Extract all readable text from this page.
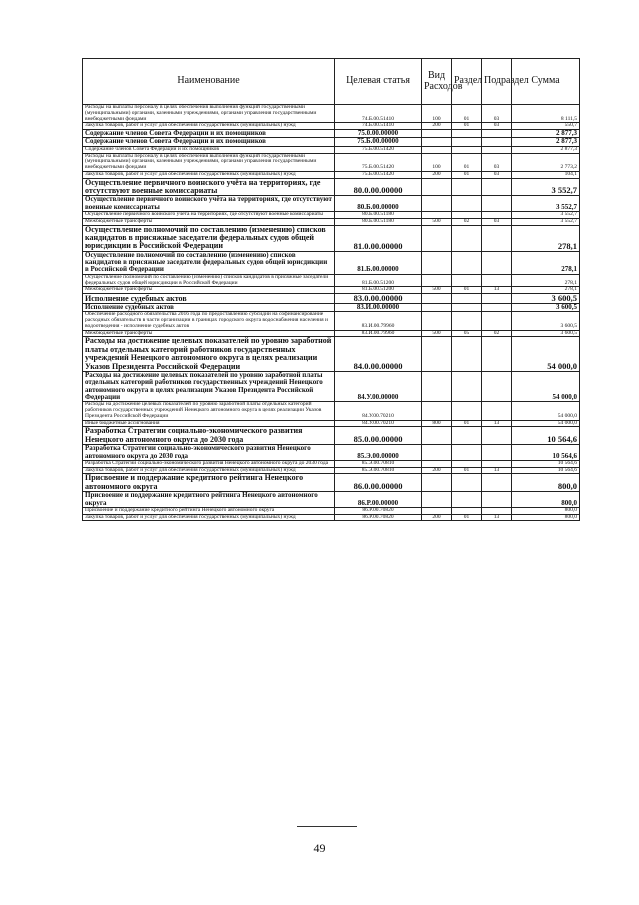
Наименование	Целевая статья	Вид Расходов	Раздел	Подраздел	Сумма
Расходы на выплаты персоналу в целях обеспечения выполнения функций государственными (муниципальными) органами, казенными учреждениями, органами управления государственными внебюджетными фондами	74.Б.00.51410	100	01	03	8 111,5
Закупка товаров, работ и услуг для обеспечения государственных (муниципальных) нужд	74.Б.00.51410	200	01	03	550,7
Содержание членов Совета Федерации и их помощников	75.0.00.00000				2 877,3
Содержание членов Совета Федерации и их помощников	75.Б.00.00000				2 877,3
Содержание членов Совета Федерации и их помощников	75.Б.00.51420				2 877,3
Расходы на выплаты персоналу в целях обеспечения выполнения функций государственными (муниципальными) органами, казенными учреждениями, органами управления государственными внебюджетными фондами	75.Б.00.51420	100	01	03	2 773,2
Закупка товаров, работ и услуг для обеспечения государственных (муниципальных) нужд	75.Б.00.51420	200	01	03	104,1
Осуществление первичного воинского учёта на территориях, где отсутствуют военные комиссариаты	80.0.00.00000				3 552,7
Осуществление первичного воинского учёта на территориях, где отсутствуют военные комиссариаты	80.Б.00.00000				3 552,7
Осуществление первичного воинского учета на территориях, где отсутствуют военные комиссариаты	80.Б.00.51180				3 552,7
Межбюджетные трансферты	80.Б.00.51180	500	02	03	3 552,7
Осуществление полномочий по составлению (изменению) списков кандидатов в присяжные заседатели федеральных судов общей юрисдикции в Российской Федерации	81.0.00.00000				278,1
Осуществление полномочий по составлению (изменению) списков кандидатов в присяжные заседатели федеральных судов общей юрисдикции в Российской Федерации	81.Б.00.00000				278,1
Осуществление полномочий по составлению (изменению) списков кандидатов в присяжные заседатели федеральных судов общей юрисдикции в Российской Федерации	81.Б.00.51200				278,1
Межбюджетные трансферты	81.Б.00.51200	500	01	13	278,1
Исполнение судебных актов	83.0.00.00000				3 600,5
Исполнение судебных актов	83.И.00.00000				3 600,5
Обеспечение расходного обязательства 2016 года по предоставлению субсидии на софинансирование расходных обязательств в части организации в границах городского округа водоснабжения населения и водоотведения - исполнение судебных актов	83.И.00.79960				3 600,5
Межбюджетные трансферты	83.И.00.79960	500	05	02	3 600,5
Расходы на достижение целевых показателей по уровню заработной платы отдельных категорий работников государственных учреждений Ненецкого автономного округа в целях реализации Указов Президента Российской Федерации	84.0.00.00000				54 000,0
Расходы на достижение целевых показателей по уровню заработной платы отдельных категорий работников государственных учреждений Ненецкого автономного округа в целях реализации Указов Президента Российской Федерации	84.У.00.00000				54 000,0
Расходы на достижение целевых показателей по уровню заработной платы отдельных категорий работников государственных учреждений Ненецкого автономного округа в целях реализации Указов Президента Российской Федерации	84.У.00.70210				54 000,0
Иные бюджетные ассигнования	84.У.00.70210	800	01	13	54 000,0
Разработка Стратегии социально-экономического развития Ненецкого автономного округа до 2030 года	85.0.00.00000				10 564,6
Разработка Стратегии социально-экономического развития Ненецкого автономного округа до 2030 года	85.Э.00.00000				10 564,6
Разработка Стратегии социально-экономического развития Ненецкого автономного округа до 2030 года	85.Э.00.70810				10 564,6
Закупка товаров, работ и услуг для обеспечения государственных (муниципальных) нужд	85.Э.00.70810	200	01	13	10 564,6
Присвоение и поддержание кредитного рейтинга Ненецкого автономного округа	86.0.00.00000				800,0
Присвоение и поддержание кредитного рейтинга Ненецкого автономного округа	86.Р.00.00000				800,0
Присвоение и поддержание кредитного рейтинга Ненецкого автономного округа	86.Р.00.70820				800,0
Закупка товаров, работ и услуг для обеспечения государственных (муниципальных) нужд	86.Р.00.70820	200	01	13	800,0
49
